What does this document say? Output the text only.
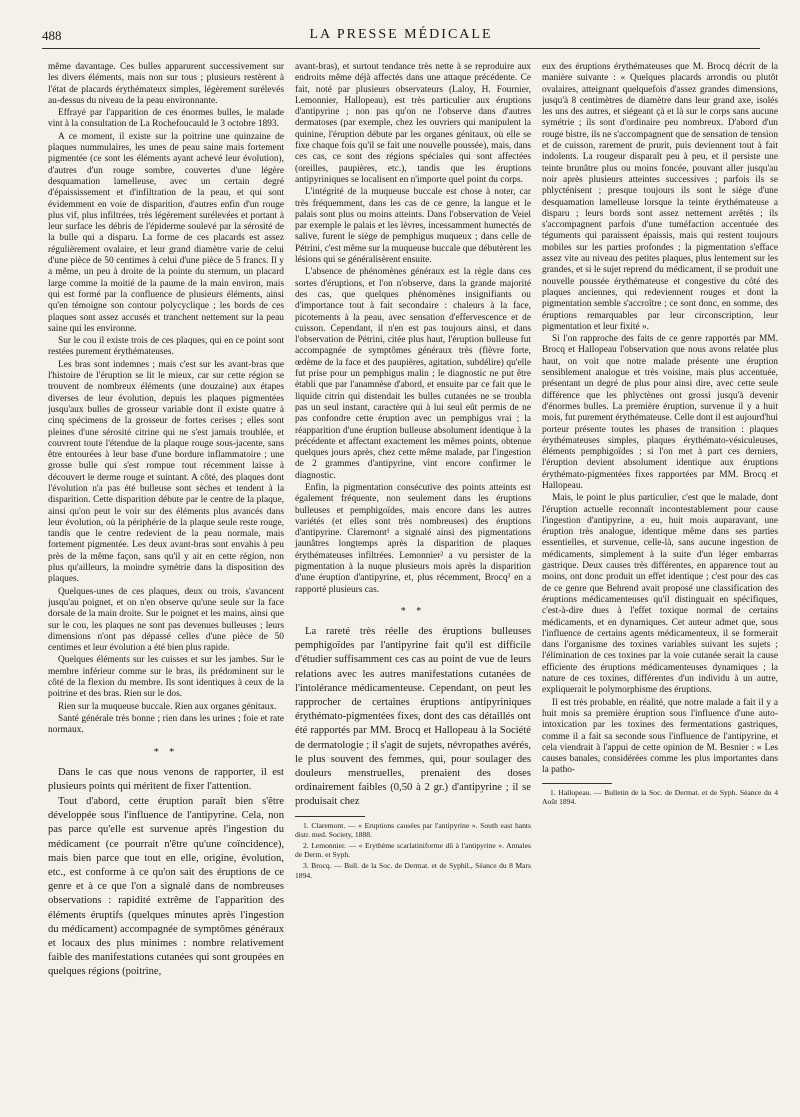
488	LA PRESSE MÉDICALE

même davantage. Ces bulles apparurent successivement sur les divers éléments, mais non sur tous ; plusieurs restèrent à l'état de placards érythémateux simples, légèrement surélevés au-dessus du niveau de la peau environnante.

Effrayé par l'apparition de ces énormes bulles, le malade vint à la consultation de La Rochefoucauld le 3 octobre 1893.

A ce moment, il existe sur la poitrine une quinzaine de plaques nummulaires, les unes de peau saine mais fortement pigmentée (ce sont les éléments ayant achevé leur évolution), d'autres d'un rouge sombre, couvertes d'une légère desquamation lamelleuse, avec un certain degré d'épaississement et d'infiltration de la peau, et qui sont évidemment en voie de disparition, d'autres enfin d'un rouge plus vif, plus infiltrées, très légèrement surélevées et portant à leur surface les débris de l'épiderme soulevé par la sérosité de la bulle qui a disparu. La forme de ces placards est assez régulièrement ovalaire, et leur grand diamètre varie de celui d'une pièce de 50 centimes à celui d'une pièce de 5 francs. Il y a même, un peu à droite de la pointe du sternum, un placard large comme la moitié de la paume de la main environ, mais qui est formé par la confluence de plusieurs éléments, ainsi qu'en témoigne son contour polycyclique ; les bords de ces plaques sont assez accusés et tranchent nettement sur la peau saine qui les environne.

Sur le cou il existe trois de ces plaques, qui en ce point sont restées purement érythémateuses.

Les bras sont indemnes ; mais c'est sur les avant-bras que l'histoire de l'éruption se lit le mieux, car sur cette région se trouvent de nombreux éléments (une douzaine) aux étapes diverses de leur évolution, depuis les plaques pigmentées jusqu'aux bulles de grosseur variable dont il existe quatre à cinq spécimens de la grosseur de fortes cerises ; elles sont pleines d'une sérosité citrine qui ne s'est jamais troublée, et couvrent toute l'étendue de la plaque rouge sous-jacente, sans être entourées à leur base d'une bordure inflammatoire ; une grosse bulle qui s'est rompue tout récemment laisse à découvert le derme rouge et suintant. A côté, des plaques dont l'évolution n'a pas été bulleuse sont sèches et tendent à la disparition. Cette disparition débute par le centre de la plaque, ainsi qu'on peut le voir sur des éléments plus avancés dans leur évolution, où la périphérie de la plaque seule reste rouge, tandis que le centre redevient de la peau normale, mais fortement pigmentée. Les deux avant-bras sont envahis à peu près de la même façon, sans qu'il y ait en cette région, non plus qu'ailleurs, la moindre symétrie dans la disposition des plaques.

Quelques-unes de ces plaques, deux ou trois, s'avancent jusqu'au poignet, et on n'en observe qu'une seule sur la face dorsale de la main droite. Sur le poignet et les mains, ainsi que sur le cou, les plaques ne sont pas devenues bulleuses ; leurs dimensions n'ont pas dépassé celles d'une pièce de 50 centimes et leur évolution a été bien plus rapide.

Quelques éléments sur les cuisses et sur les jambes. Sur le membre inférieur comme sur le bras, ils prédominent sur le côté de la flexion du membre. Ils sont identiques à ceux de la poitrine et des bras. Rien sur le dos.

Rien sur la muqueuse buccale. Rien aux organes génitaux.

Santé générale très bonne ; rien dans les urines ; foie et rate normaux.

* *

Dans le cas que nous venons de rapporter, il est plusieurs points qui méritent de fixer l'attention.

Tout d'abord, cette éruption paraît bien s'être développée sous l'influence de l'antipyrine. Cela, non pas parce qu'elle est survenue après l'ingestion du médicament (ce pourrait n'être qu'une coïncidence), mais bien parce que tout en elle, origine, évolution, etc., est conforme à ce qu'on sait des éruptions de ce genre et à ce que l'on a signalé dans de nombreuses observations : rapidité extrême de l'apparition des éléments éruptifs (quelques minutes après l'ingestion du médicament) accompagnée de symptômes généraux et locaux des plus minimes : nombre relativement faible des manifestations cutanées qui sont groupées en quelques régions (poitrine,

avant-bras), et surtout tendance très nette à se reproduire aux endroits même déjà affectés dans une attaque précédente. Ce fait, noté par plusieurs observateurs (Laloy, H. Fournier, Lemonnier, Hallopeau), est très particulier aux éruptions d'antipyrine ; non pas qu'on ne l'observe dans d'autres dermatoses (par exemple, chez les ouvriers qui manipulent la quinine, l'éruption débute par les organes génitaux, où elle se fixe chaque fois qu'il se fait une nouvelle poussée), mais, dans ces cas, ce sont des régions spéciales qui sont affectées (oreilles, paupières, etc.), tandis que les éruptions antipyriniques se localisent en n'importe quel point du corps.

L'intégrité de la muqueuse buccale est chose à noter, car très fréquemment, dans les cas de ce genre, la langue et le palais sont plus ou moins atteints. Dans l'observation de Veiel par exemple le palais et les lèvres, incessamment humectés de salive, furent le siège de pemphigus muqueux ; dans celle de Pétrini, c'est même sur la muqueuse buccale que débutèrent les lésions qui se généralisèrent ensuite.

L'absence de phénomènes généraux est la règle dans ces sortes d'éruptions, et l'on n'observe, dans la grande majorité des cas, que quelques phénomènes insignifiants ou d'importance tout à fait secondaire : chaleurs à la face, picotements à la peau, avec sensation d'effervescence et de cuisson. Cependant, il n'en est pas toujours ainsi, et dans l'observation de Pétrini, citée plus haut, l'éruption bulleuse fut accompagnée de symptômes généraux très (fièvre forte, œdème de la face et des paupières, agitation, subdélire) qu'elle fut prise pour un pemphigus malin ; le diagnostic ne put être établi que par l'anamnèse d'abord, et ensuite par ce fait que le liquide citrin qui distendait les bulles cutanées ne se troubla pas un seul instant, caractère qui à lui seul eût permis de ne pas confondre cette éruption avec un pemphigus vrai ; la réapparition d'une éruption bulleuse absolument identique à la précédente et affectant exactement les mêmes points, obtenue quelques jours après, chez cette même malade, par l'ingestion de 2 grammes d'antipyrine, vint encore confirmer le diagnostic.

Enfin, la pigmentation consécutive des points atteints est également fréquente, non seulement dans les éruptions bulleuses et pemphigoïdes, mais encore dans les autres variétés (et elles sont très nombreuses) des éruptions d'antipyrine. Claremont¹ a signalé ainsi des pigmentations jaunâtres longtemps après la disparition de plaques érythémateuses infiltrées. Lemonnier² a vu persister de la pigmentation à la nuque plusieurs mois après la disparition d'une éruption d'antipyrine, et, plus récemment, Brocq³ en a rapporté plusieurs cas.

* *

La rareté très réelle des éruptions bulleuses pemphigoïdes par l'antipyrine fait qu'il est difficile d'étudier suffisamment ces cas au point de vue de leurs relations avec les autres manifestations cutanées de l'intolérance médicamenteuse. Cependant, on peut les rapprocher de certaines éruptions antipyriniques érythémato-pigmentées fixes, dont des cas détaillés ont été rapportés par MM. Brocq et Hallopeau à la Société de dermatologie ; il s'agit de sujets, névropathes avérés, le plus souvent des femmes, qui, pour soulager des douleurs menstruelles, prenaient des doses ordinairement faibles (0,50 à 2 gr.) d'antipyrine ; il se produisait chez

1. Claremont. — « Eruptions causées par l'antipyrine ». South east hants distr. med. Society, 1888.

2. Lemonnier. — « Erythème scarlatiniforme dû à l'antipyrine ». Annales de Derm. et Syph.

3. Brocq. — Bull. de la Soc. de Dermat. et de Syphil., Séance du 8 Mars 1894.

eux des éruptions érythémateuses que M. Brocq décrit de la manière suivante : « Quelques placards arrondis ou plutôt ovalaires, atteignant quelquefois d'assez grandes dimensions, jusqu'à 8 centimètres de diamètre dans leur grand axe, isolés les uns des autres, et siégeant çà et là sur le corps sans aucune symétrie ; ils sont d'ordinaire peu nombreux. D'abord d'un rouge bistre, ils ne s'accompagnent que de sensation de tension et de cuisson, rarement de prurit, puis deviennent tout à fait indolents. La rougeur disparaît peu à peu, et il persiste une teinte brunâtre plus ou moins foncée, pouvant aller jusqu'au noir après plusieurs atteintes successives ; parfois ils se phlycténisent ; presque toujours ils sont le siège d'une desquamation lamelleuse lorsque la teinte érythémateuse a disparu ; leurs bords sont assez nettement arrêtés ; ils s'accompagnent parfois d'une tuméfaction accentuée des téguments qui paraissent épaissis, mais qui restent toujours mobiles sur les parties profondes ; la pigmentation s'efface assez vite au niveau des petites plaques, plus lentement sur les grandes, et si le sujet reprend du médicament, il se produit une nouvelle poussée érythémateuse et congestive du côté des plaques anciennes, qui redeviennent rouges et dont la pigmentation semble s'accroître ; ce sont donc, en somme, des éruptions remarquables par leur circonscription, leur pigmentation et leur fixité ».

Si l'on rapproche des faits de ce genre rapportés par MM. Brocq et Hallopeau l'observation que nous avons relatée plus haut, on voit que notre malade présente une éruption sensiblement analogue et très voisine, mais plus accentuée, présentant un degré de plus pour ainsi dire, avec cette seule différence que les phlyctènes ont grossi jusqu'à devenir d'énormes bulles. La première éruption, survenue il y a huit mois, fut purement érythémateuse. Celle dont il est aujourd'hui porteur présente toutes les phases de transition : plaques érythémateuses simples, plaques érythémato-vésiculeuses, éléments pemphigoïdes ; si l'on met à part ces derniers, l'éruption devient absolument identique aux éruptions érythémato-pigmentées fixes rapportées par MM. Brocq et Hallopeau.

Mais, le point le plus particulier, c'est que le malade, dont l'éruption actuelle reconnaît incontestablement pour cause l'ingestion d'antipyrine, a eu, huit mois auparavant, une éruption très analogue, identique même dans ses parties essentielles, et survenue, celle-là, sans aucune ingestion de médicaments, simplement à la suite d'un léger embarras gastrique. Deux causes très différentes, en apparence tout au moins, ont donc produit un effet identique ; c'est pour des cas de ce genre que Behrend avait proposé une classification des éruptions médicamenteuses qu'il distinguait en spécifiques, c'est-à-dire dues à l'effet toxique normal de certains médicaments, et en dynamiques. Cet auteur admet que, sous l'influence de certains agents médicamenteux, il se formerait dans l'organisme des toxines variables suivant les sujets ; l'élimination de ces toxines par la voie cutanée serait la cause efficiente des éruptions médicamenteuses dynamiques ; la nature de ces toxines, différentes d'un individu à un autre, expliquerait le polymorphisme des éruptions.

Il est très probable, en réalité, que notre malade a fait il y a huit mois sa première éruption sous l'influence d'une auto-intoxication par les toxines des fermentations gastriques, comme il a fait sa seconde sous l'influence de l'antipyrine, et cela viendrait à l'appui de cette opinion de M. Besnier : « Les causes banales, considérées comme les plus importantes dans la patho-

1. Hallopeau. — Bulletin de la Soc. de Dermat. et de Syph. Séance du 4 Août 1894.
